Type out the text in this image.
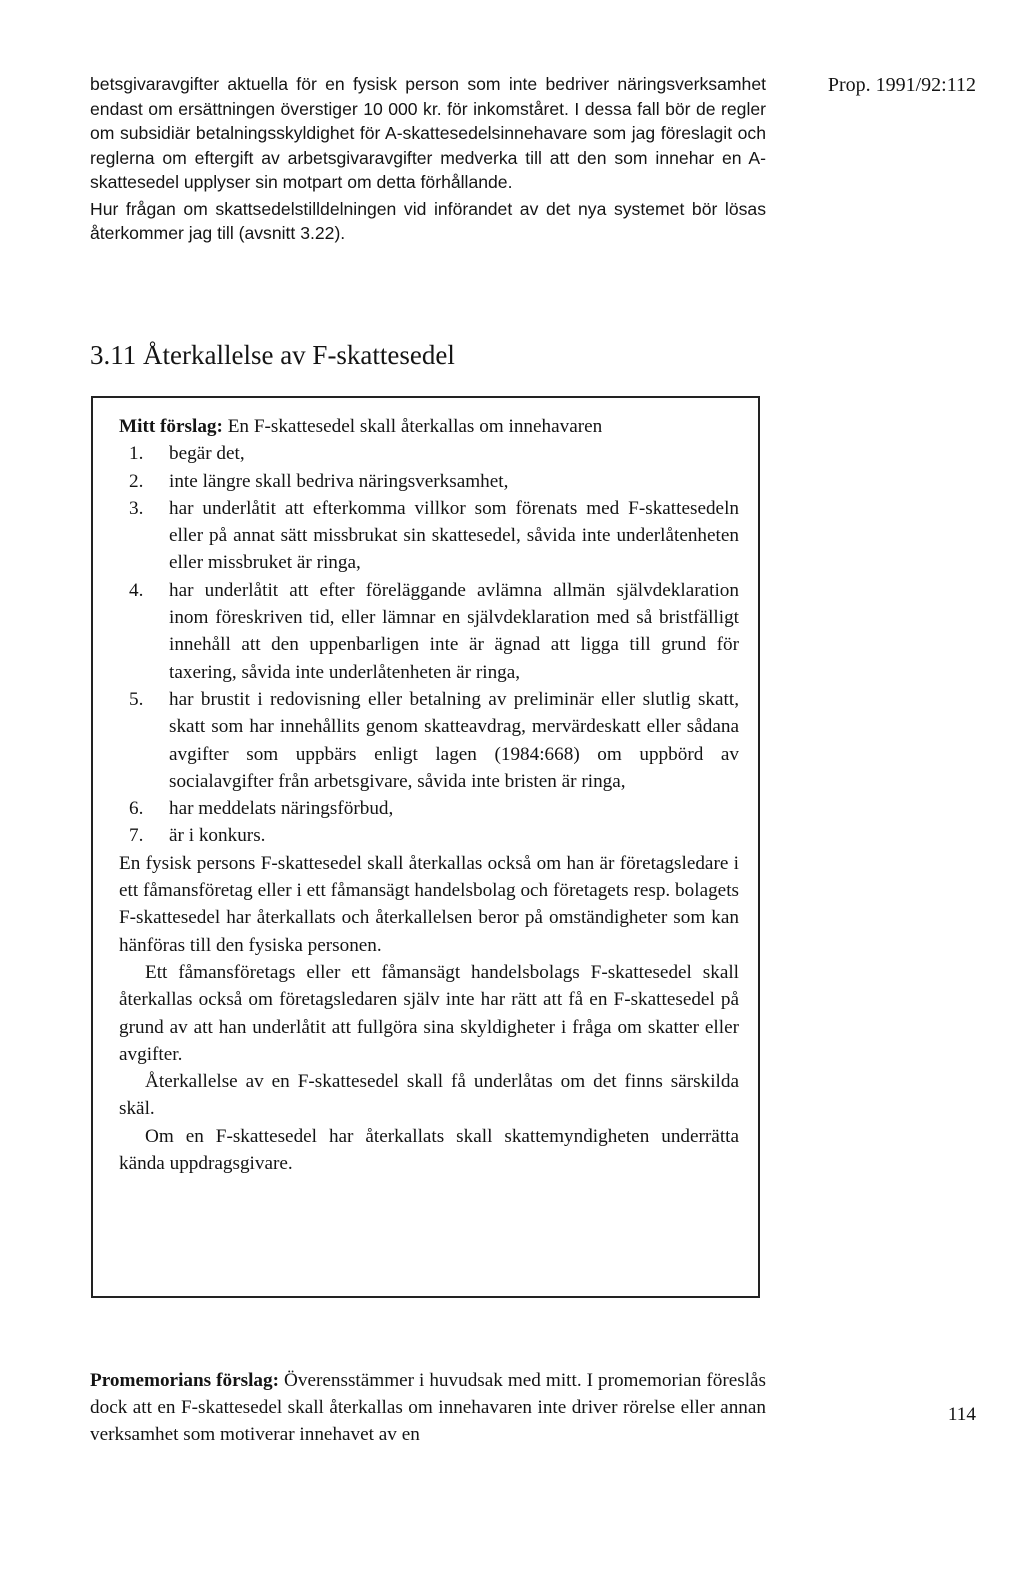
betsgivaravgifter aktuella för en fysisk person som inte bedriver näringsverksamhet endast om ersättningen överstiger 10 000 kr. för inkomståret. I dessa fall bör de regler om subsidiär betalningsskyldighet för A-skattesedelsinnehavare som jag föreslagit och reglerna om eftergift av arbetsgivaravgifter medverka till att den som innehar en A-skattesedel upplyser sin motpart om detta förhållande.

Hur frågan om skattsedelstilldelningen vid införandet av det nya systemet bör lösas återkommer jag till (avsnitt 3.22).

Prop. 1991/92:112
3.11 Återkallelse av F-skattesedel

Mitt förslag: En F-skattesedel skall återkallas om innehavaren

1. begär det,
2. inte längre skall bedriva näringsverksamhet,
3. har underlåtit att efterkomma villkor som förenats med F-skattesedeln eller på annat sätt missbrukat sin skattesedel, såvida inte underlåtenheten eller missbruket är ringa,
4. har underlåtit att efter föreläggande avlämna allmän självdeklaration inom föreskriven tid, eller lämnar en självdeklaration med så bristfälligt innehåll att den uppenbarligen inte är ägnad att ligga till grund för taxering, såvida inte underlåtenheten är ringa,
5. har brustit i redovisning eller betalning av preliminär eller slutlig skatt, skatt som har innehållits genom skatteavdrag, mervärdeskatt eller sådana avgifter som uppbärs enligt lagen (1984:668) om uppbörd av socialavgifter från arbetsgivare, såvida inte bristen är ringa,
6. har meddelats näringsförbud,
7. är i konkurs.

En fysisk persons F-skattesedel skall återkallas också om han är företagsledare i ett fåmansföretag eller i ett fåmansägt handelsbolag och företagets resp. bolagets F-skattesedel har återkallats och återkallelsen beror på omständigheter som kan hänföras till den fysiska personen.

Ett fåmansföretags eller ett fåmansägt handelsbolags F-skattesedel skall återkallas också om företagsledaren själv inte har rätt att få en F-skattesedel på grund av att han underlåtit att fullgöra sina skyldigheter i fråga om skatter eller avgifter.

Återkallelse av en F-skattesedel skall få underlåtas om det finns särskilda skäl.

Om en F-skattesedel har återkallats skall skattemyndigheten underrätta kända uppdragsgivare.

Promemorians förslag: Överensstämmer i huvudsak med mitt. I promemorian föreslås dock att en F-skattesedel skall återkallas om innehavaren inte driver rörelse eller annan verksamhet som motiverar innehavet av en

114
